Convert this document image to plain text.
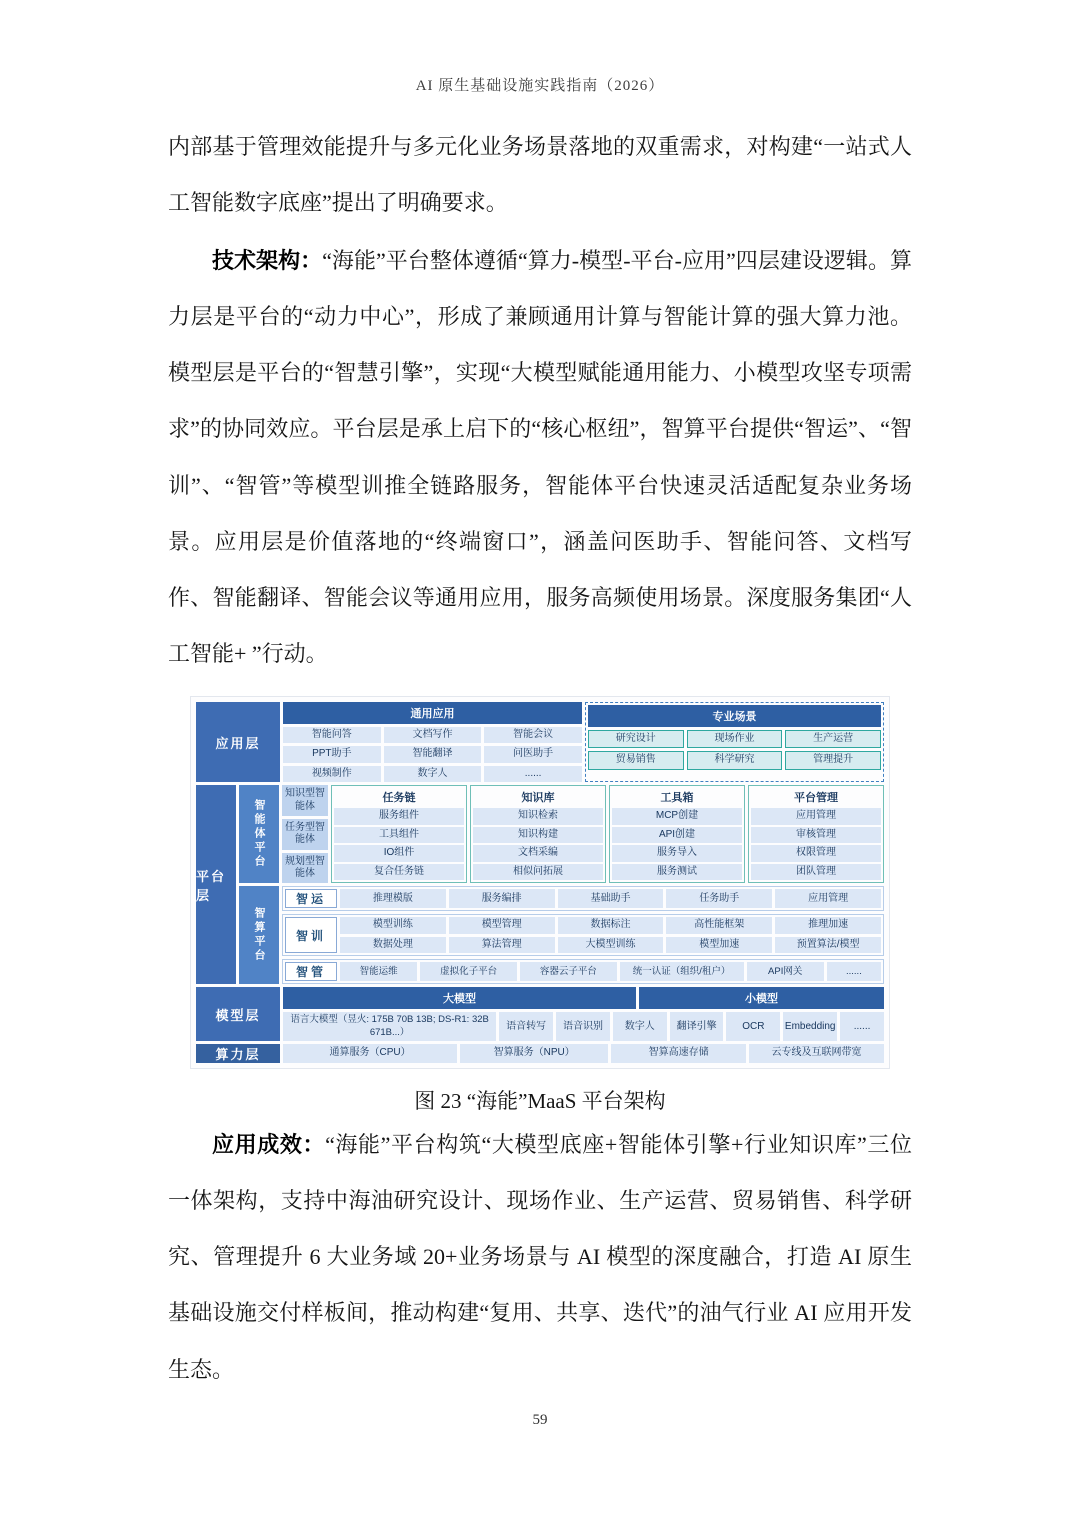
AI 原生基础设施实践指南（2026）

内部基于管理效能提升与多元化业务场景落地的双重需求，对构建“一站式人工智能数字底座”提出了明确要求。

技术架构：“海能”平台整体遵循“算力-模型-平台-应用”四层建设逻辑。算力层是平台的“动力中心”，形成了兼顾通用计算与智能计算的强大算力池。模型层是平台的“智慧引擎”，实现“大模型赋能通用能力、小模型攻坚专项需求”的协同效应。平台层是承上启下的“核心枢纽”，智算平台提供“智运”、“智训”、“智管”等模型训推全链路服务，智能体平台快速灵活适配复杂业务场景。应用层是价值落地的“终端窗口”，涵盖问医助手、智能问答、文档写作、智能翻译、智能会议等通用应用，服务高频使用场景。深度服务集团“人工智能+ ”行动。

应用层
通用应用
智能问答	文档写作	智能会议
PPT助手	智能翻译	问医助手
视频制作	数字人	......
专业场景
研究设计	现场作业	生产运营
贸易销售	科学研究	管理提升
平台层
智能体平台
知识型智能体
任务型智能体
规划型智能体
任务链
服务组件
工具组件
IO组件
复合任务链
知识库
知识检索
知识构建
文档采编
相似问拓展
工具箱
MCP创建
API创建
服务导入
服务测试
平台管理
应用管理
审核管理
权限管理
团队管理
智算平台
智运	推理模版	服务编排	基础助手	任务助手	应用管理
智训
模型训练	模型管理	数据标注	高性能框架	推理加速
数据处理	算法管理	大模型训练	模型加速	预置算法/模型
智管	智能运维	虚拟化子平台	容器云子平台	统一认证（组织/租户）	API网关	......
模型层
大模型	小模型
语言大模型（昱火: 175B 70B 13B; DS-R1: 32B 671B...）
语音转写	语音识别	数字人	翻译引擎	OCR	Embedding	......
算力层	通算服务（CPU）	智算服务（NPU）	智算高速存储	云专线及互联网带宽
图 23 “海能”MaaS 平台架构

应用成效：“海能”平台构筑“大模型底座+智能体引擎+行业知识库”三位一体架构，支持中海油研究设计、现场作业、生产运营、贸易销售、科学研究、管理提升 6 大业务域 20+业务场景与 AI 模型的深度融合，打造 AI 原生基础设施交付样板间，推动构建“复用、共享、迭代”的油气行业 AI 应用开发生态。

59
